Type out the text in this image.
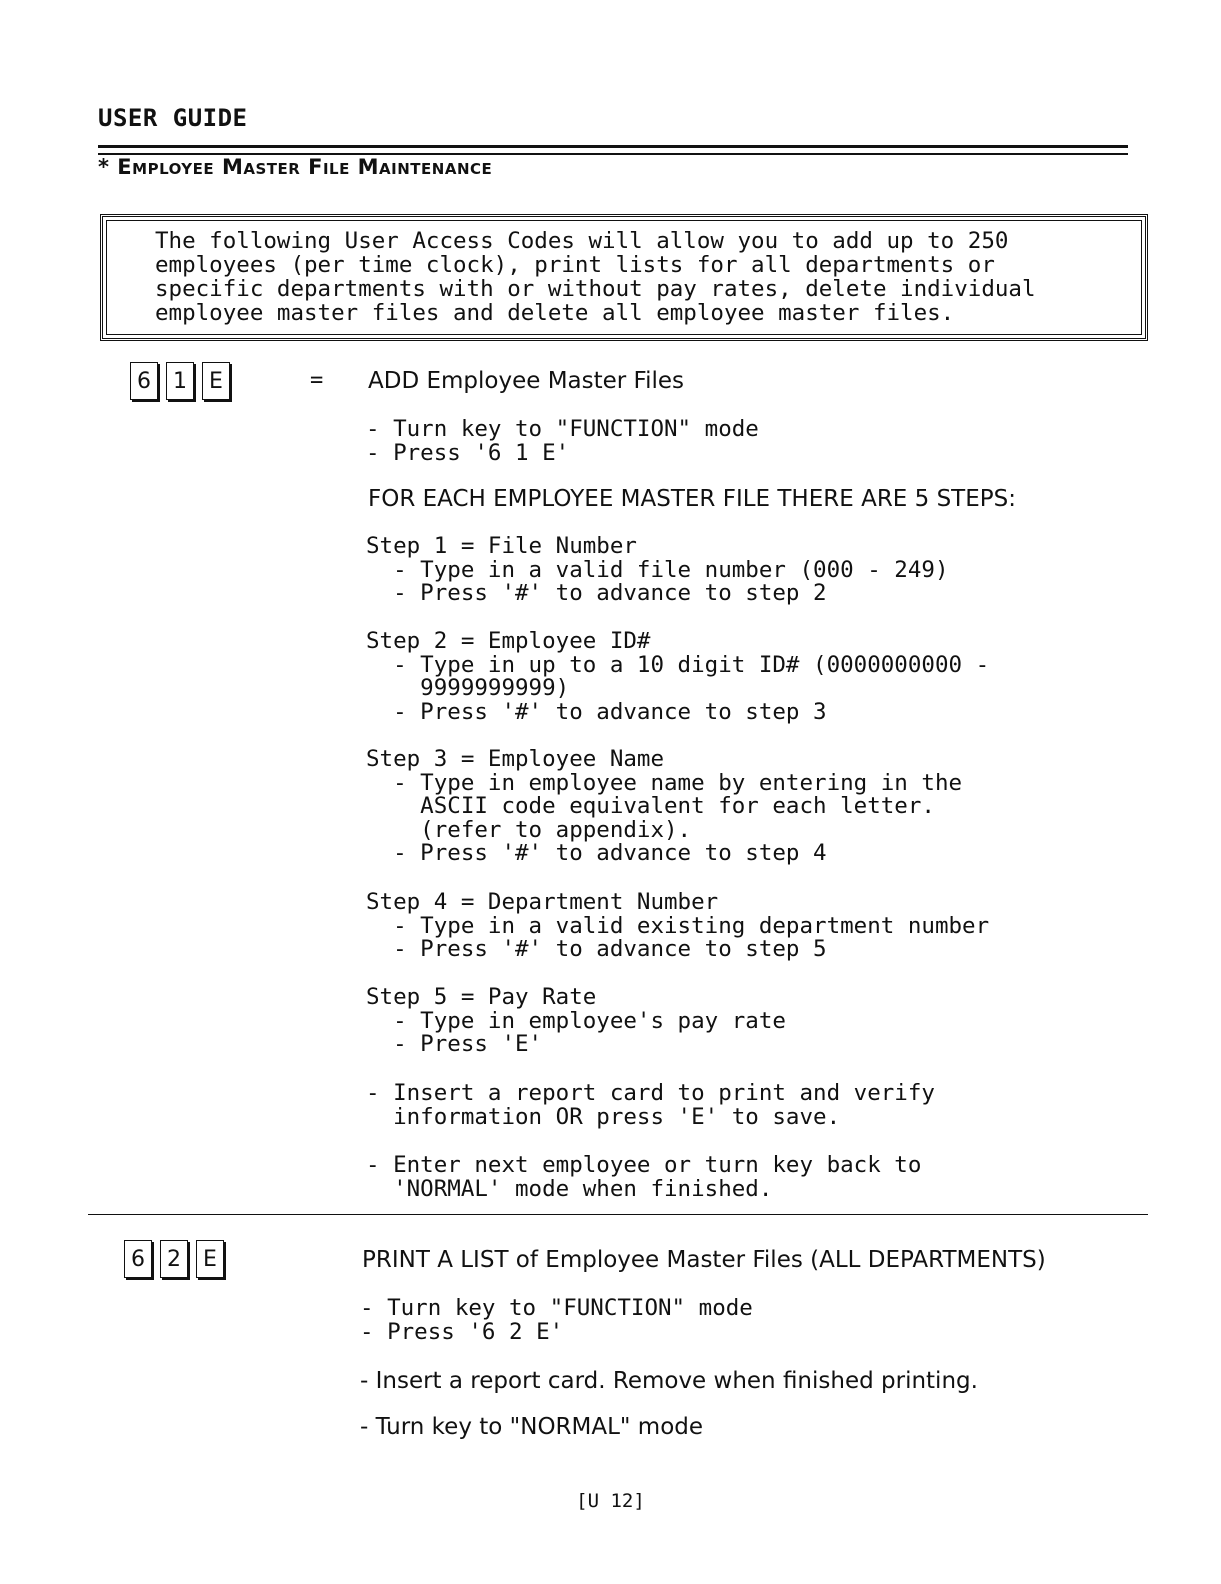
USER GUIDE
* Employee Master File Maintenance
The following User Access Codes will allow you to add up to 250
employees (per time clock), print lists for all departments or
specific departments with or without pay rates, delete individual
employee master files and delete all employee master files.
6	1	E	= ADD Employee Master Files
- Turn key to "FUNCTION" mode
- Press '6 1 E'
FOR EACH EMPLOYEE MASTER FILE THERE ARE 5 STEPS:
Step 1 = File Number
- Type in a valid file number (000 - 249)
- Press '#' to advance to step 2
Step 2 = Employee ID#
- Type in up to a 10 digit ID# (0000000000 -
9999999999)
- Press '#' to advance to step 3
Step 3 = Employee Name
- Type in employee name by entering in the
ASCII code equivalent for each letter.
(refer to appendix).
- Press '#' to advance to step 4
Step 4 = Department Number
- Type in a valid existing department number
- Press '#' to advance to step 5
Step 5 = Pay Rate
- Type in employee's pay rate
- Press 'E'
- Insert a report card to print and verify
information OR press 'E' to save.
- Enter next employee or turn key back to
'NORMAL' mode when finished.
6	2	E	PRINT A LIST of Employee Master Files (ALL DEPARTMENTS)
- Turn key to "FUNCTION" mode
- Press '6 2 E'
- Insert a report card. Remove when finished printing.
- Turn key to "NORMAL" mode
[U 12]
